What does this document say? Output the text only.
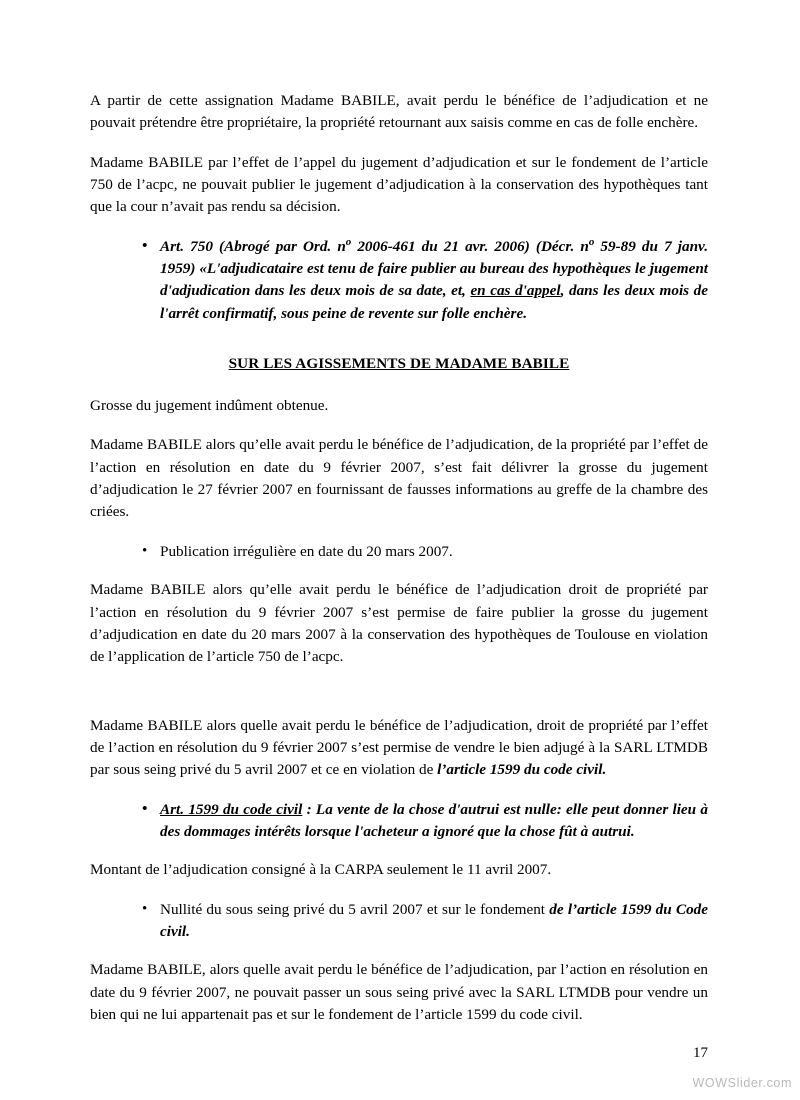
A partir de cette assignation Madame BABILE, avait perdu le bénéfice de l’adjudication et ne pouvait prétendre être propriétaire, la propriété retournant aux saisis comme en cas de folle enchère.

Madame BABILE par l’effet de l’appel du jugement d’adjudication et sur le fondement de l’article 750 de l’acpc, ne pouvait publier le jugement d’adjudication à la conservation des hypothèques tant que la cour n’avait pas rendu sa décision.

• Art. 750 (Abrogé par Ord. $n^o$ 2006-461 du 21 avr. 2006) (Décr. $n^o$ 59-89 du 7 janv. 1959) «L'adjudicataire est tenu de faire publier au bureau des hypothèques le jugement d'adjudication dans les deux mois de sa date, et, en cas d'appel, dans les deux mois de l'arrêt confirmatif, sous peine de revente sur folle enchère.
SUR LES AGISSEMENTS DE MADAME BABILE

Grosse du jugement indûment obtenue.

Madame BABILE alors qu’elle avait perdu le bénéfice de l’adjudication, de la propriété par l’effet de l’action en résolution en date du 9 février 2007, s’est fait délivrer la grosse du jugement d’adjudication le 27 février 2007 en fournissant de fausses informations au greffe de la chambre des criées.

• Publication irrégulière en date du 20 mars 2007.

Madame BABILE alors qu’elle avait perdu le bénéfice de l’adjudication droit de propriété par l’action en résolution du 9 février 2007 s’est permise de faire publier la grosse du jugement d’adjudication en date du 20 mars 2007 à la conservation des hypothèques de Toulouse en violation de l’application de l’article 750 de l’acpc.

Madame BABILE alors quelle avait perdu le bénéfice de l’adjudication, droit de propriété par l’effet de l’action en résolution du 9 février 2007 s’est permise de vendre le bien adjugé à la SARL LTMDB par sous seing privé du 5 avril 2007 et ce en violation de l’article 1599 du code civil.

• Art. 1599 du code civil : La vente de la chose d'autrui est nulle: elle peut donner lieu à des dommages intérêts lorsque l'acheteur a ignoré que la chose fût à autrui.

Montant de l’adjudication consigné à la CARPA seulement le 11 avril 2007.

• Nullité du sous seing privé du 5 avril 2007 et sur le fondement de l’article 1599 du Code civil.

Madame BABILE, alors quelle avait perdu le bénéfice de l’adjudication, par l’action en résolution en date du 9 février 2007, ne pouvait passer un sous seing privé avec la SARL LTMDB pour vendre un bien qui ne lui appartenait pas et sur le fondement de l’article 1599 du code civil.

17
WOWSlider.com
